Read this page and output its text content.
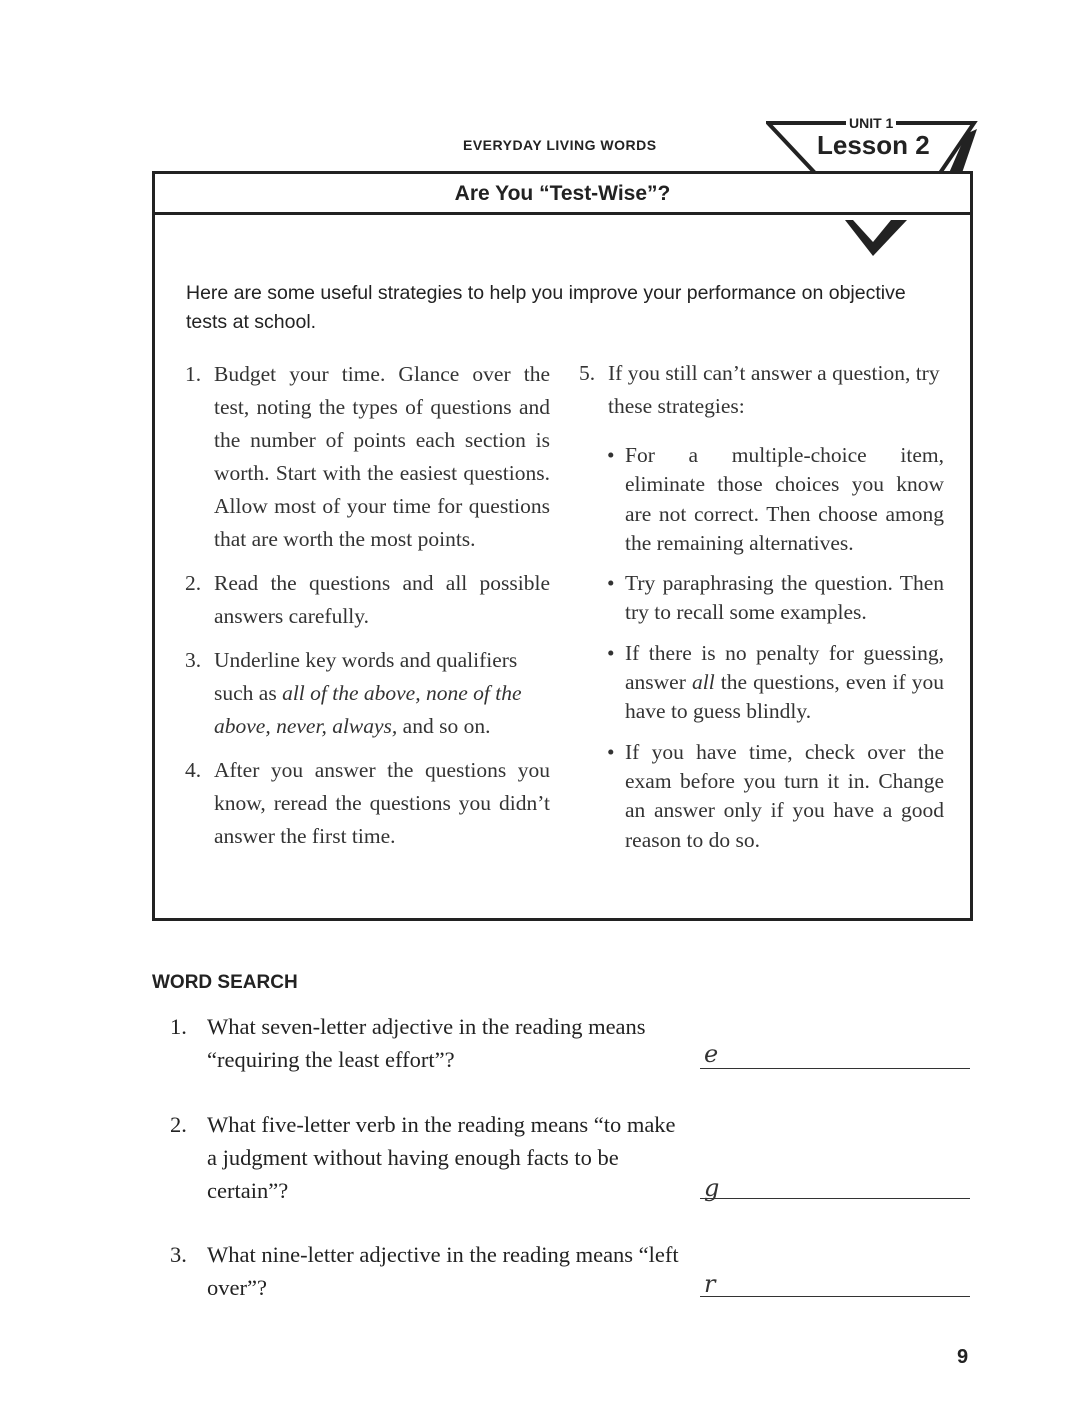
EVERYDAY LIVING WORDS
UNIT 1
Lesson 2
Are You “Test-Wise”?
Here are some useful strategies to help you improve your performance on objective tests at school.
1. Budget your time. Glance over the test, noting the types of questions and the number of points each section is worth. Start with the easiest questions. Allow most of your time for questions that are worth the most points.
2. Read the questions and all possible answers carefully.
3. Underline key words and qualifiers such as all of the above, none of the above, never, always, and so on.
4. After you answer the questions you know, reread the questions you didn’t answer the first time.
5. If you still can’t answer a question, try these strategies:
• For a multiple-choice item, eliminate those choices you know are not correct. Then choose among the remaining alternatives.
• Try paraphrasing the question. Then try to recall some examples.
• If there is no penalty for guessing, answer all the questions, even if you have to guess blindly.
• If you have time, check over the exam before you turn it in. Change an answer only if you have a good reason to do so.
WORD SEARCH
1. What seven-letter adjective in the reading means “requiring the least effort”?	e
2. What five-letter verb in the reading means “to make a judgment without having enough facts to be certain”?	g
3. What nine-letter adjective in the reading means “left over”?	r
9
